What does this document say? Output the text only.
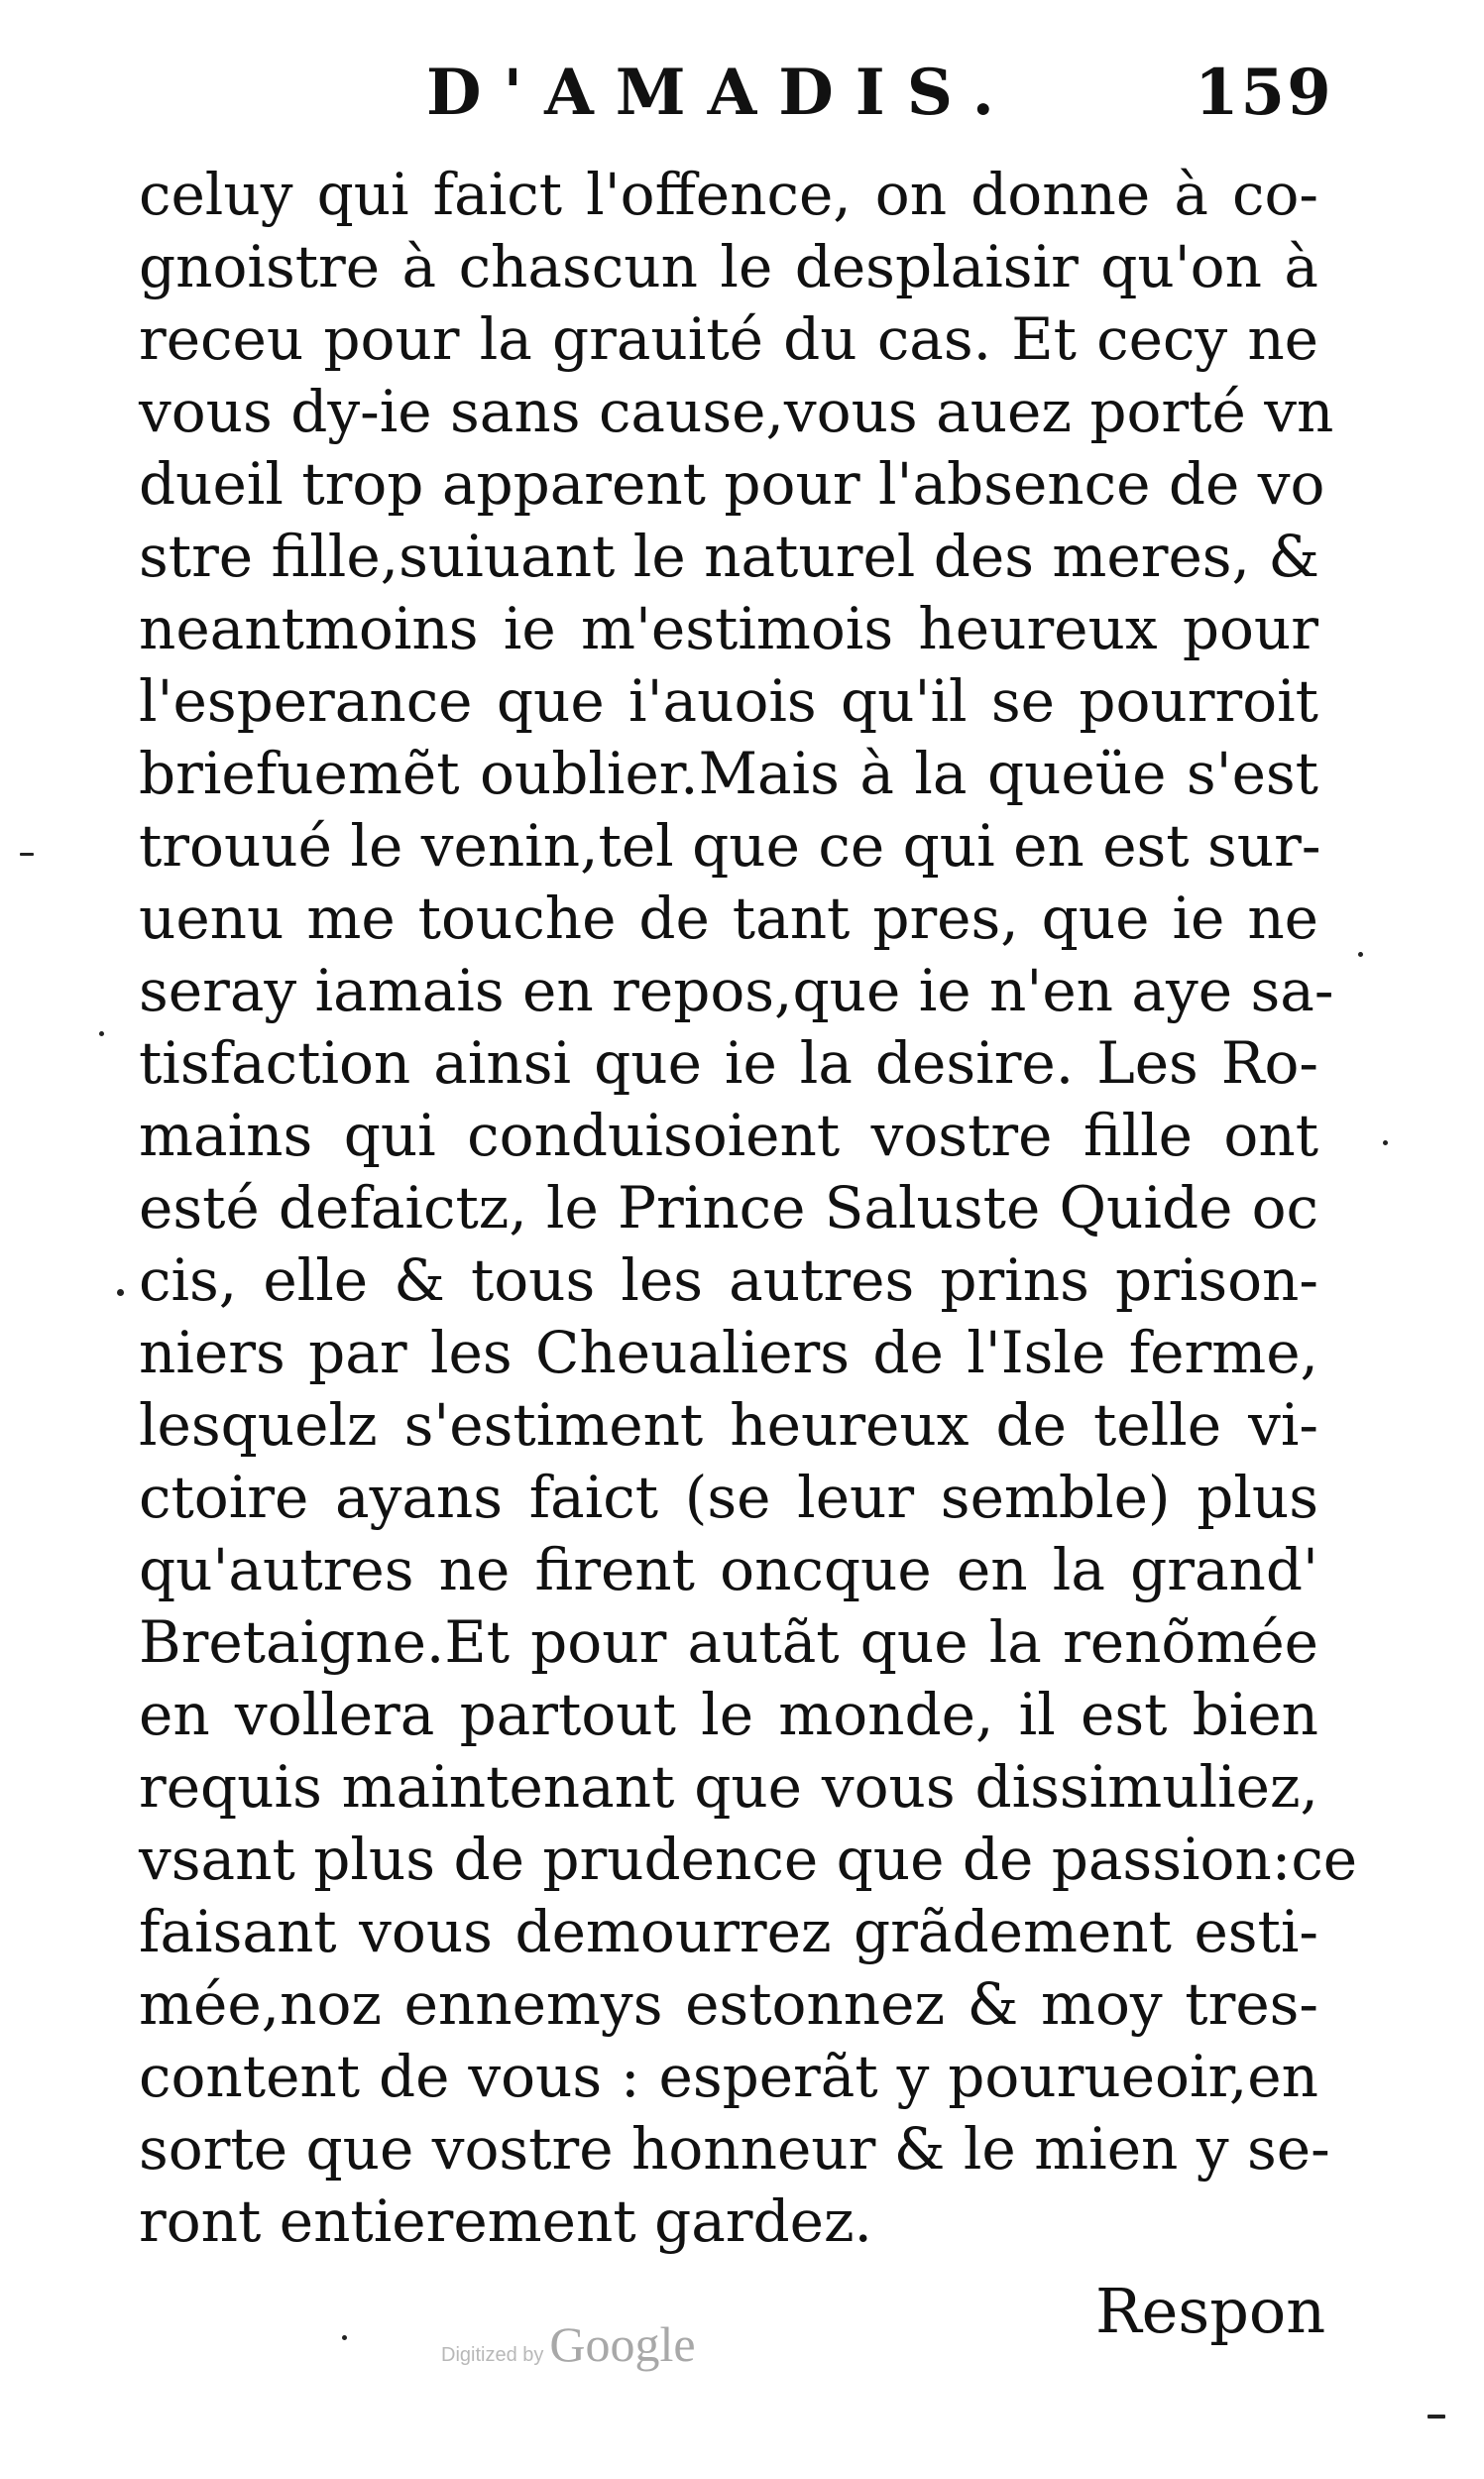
D'AMADIS.	159
celuy qui faict l'offence, on donne à co-
gnoistre à chascun le desplaisir qu'on à
receu pour la grauité du cas. Et cecy ne
vous dy-ie sans cause,vous auez porté vn
dueil trop apparent pour l'absence de vo
stre fille,suiuant le naturel des meres, &
neantmoins ie m'estimois heureux pour
l'esperance que i'auois qu'il se pourroit
briefuemẽt oublier.Mais à la queüe s'est
trouué le venin,tel que ce qui en est sur-
uenu me touche de tant pres, que ie ne
seray iamais en repos,que ie n'en aye sa-
tisfaction ainsi que ie la desire. Les Ro-
mains qui conduisoient vostre fille ont
esté defaictz, le Prince Saluste Quide oc
cis, elle & tous les autres prins prison-
niers par les Cheualiers de l'Isle ferme,
lesquelz s'estiment heureux de telle vi-
ctoire ayans faict (se leur semble) plus
qu'autres ne firent oncque en la grand'
Bretaigne.Et pour autãt que la renõmée
en vollera partout le monde, il est bien
requis maintenant que vous dissimuliez,
vsant plus de prudence que de passion:ce
faisant vous demourrez grãdement esti-
mée,noz ennemys estonnez & moy tres-
content de vous : esperãt y pourueoir,en
sorte que vostre honneur & le mien y se-
ront entierement gardez.
Respon
Digitized by Google
